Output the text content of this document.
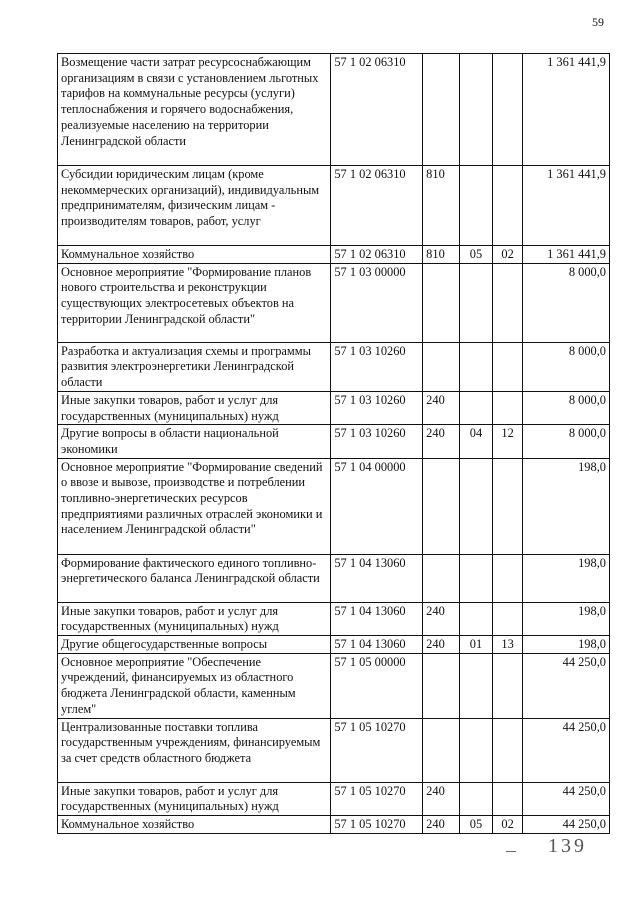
59
Возмещение части затрат ресурсоснабжающим организациям в связи с установлением льготных тарифов на коммунальные ресурсы (услуги) теплоснабжения и горячего водоснабжения, реализуемые населению на территории Ленинградской области	57 1 02 06310				1 361 441,9
Субсидии юридическим лицам (кроме некоммерческих организаций), индивидуальным предпринимателям, физическим лицам - производителям товаров, работ, услуг	57 1 02 06310	810			1 361 441,9
Коммунальное хозяйство	57 1 02 06310	810	05	02	1 361 441,9
Основное мероприятие "Формирование планов нового строительства и реконструкции существующих электросетевых объектов на территории Ленинградской области"	57 1 03 00000				8 000,0
Разработка и актуализация схемы и программы развития электроэнергетики Ленинградской области	57 1 03 10260				8 000,0
Иные закупки товаров, работ и услуг для государственных (муниципальных) нужд	57 1 03 10260	240			8 000,0
Другие вопросы в области национальной экономики	57 1 03 10260	240	04	12	8 000,0
Основное мероприятие "Формирование сведений о ввозе и вывозе, производстве и потреблении топливно-энергетических ресурсов предприятиями различных отраслей экономики и населением Ленинградской области"	57 1 04 00000				198,0
Формирование фактического единого топливно-энергетического баланса Ленинградской области	57 1 04 13060				198,0
Иные закупки товаров, работ и услуг для государственных (муниципальных) нужд	57 1 04 13060	240			198,0
Другие общегосударственные вопросы	57 1 04 13060	240	01	13	198,0
Основное мероприятие "Обеспечение учреждений, финансируемых из областного бюджета Ленинградской области, каменным углем"	57 1 05 00000				44 250,0
Централизованные поставки топлива государственным учреждениям, финансируемым за счет средств областного бюджета	57 1 05 10270				44 250,0
Иные закупки товаров, работ и услуг для государственных (муниципальных) нужд	57 1 05 10270	240			44 250,0
Коммунальное хозяйство	57 1 05 10270	240	05	02	44 250,0
139
